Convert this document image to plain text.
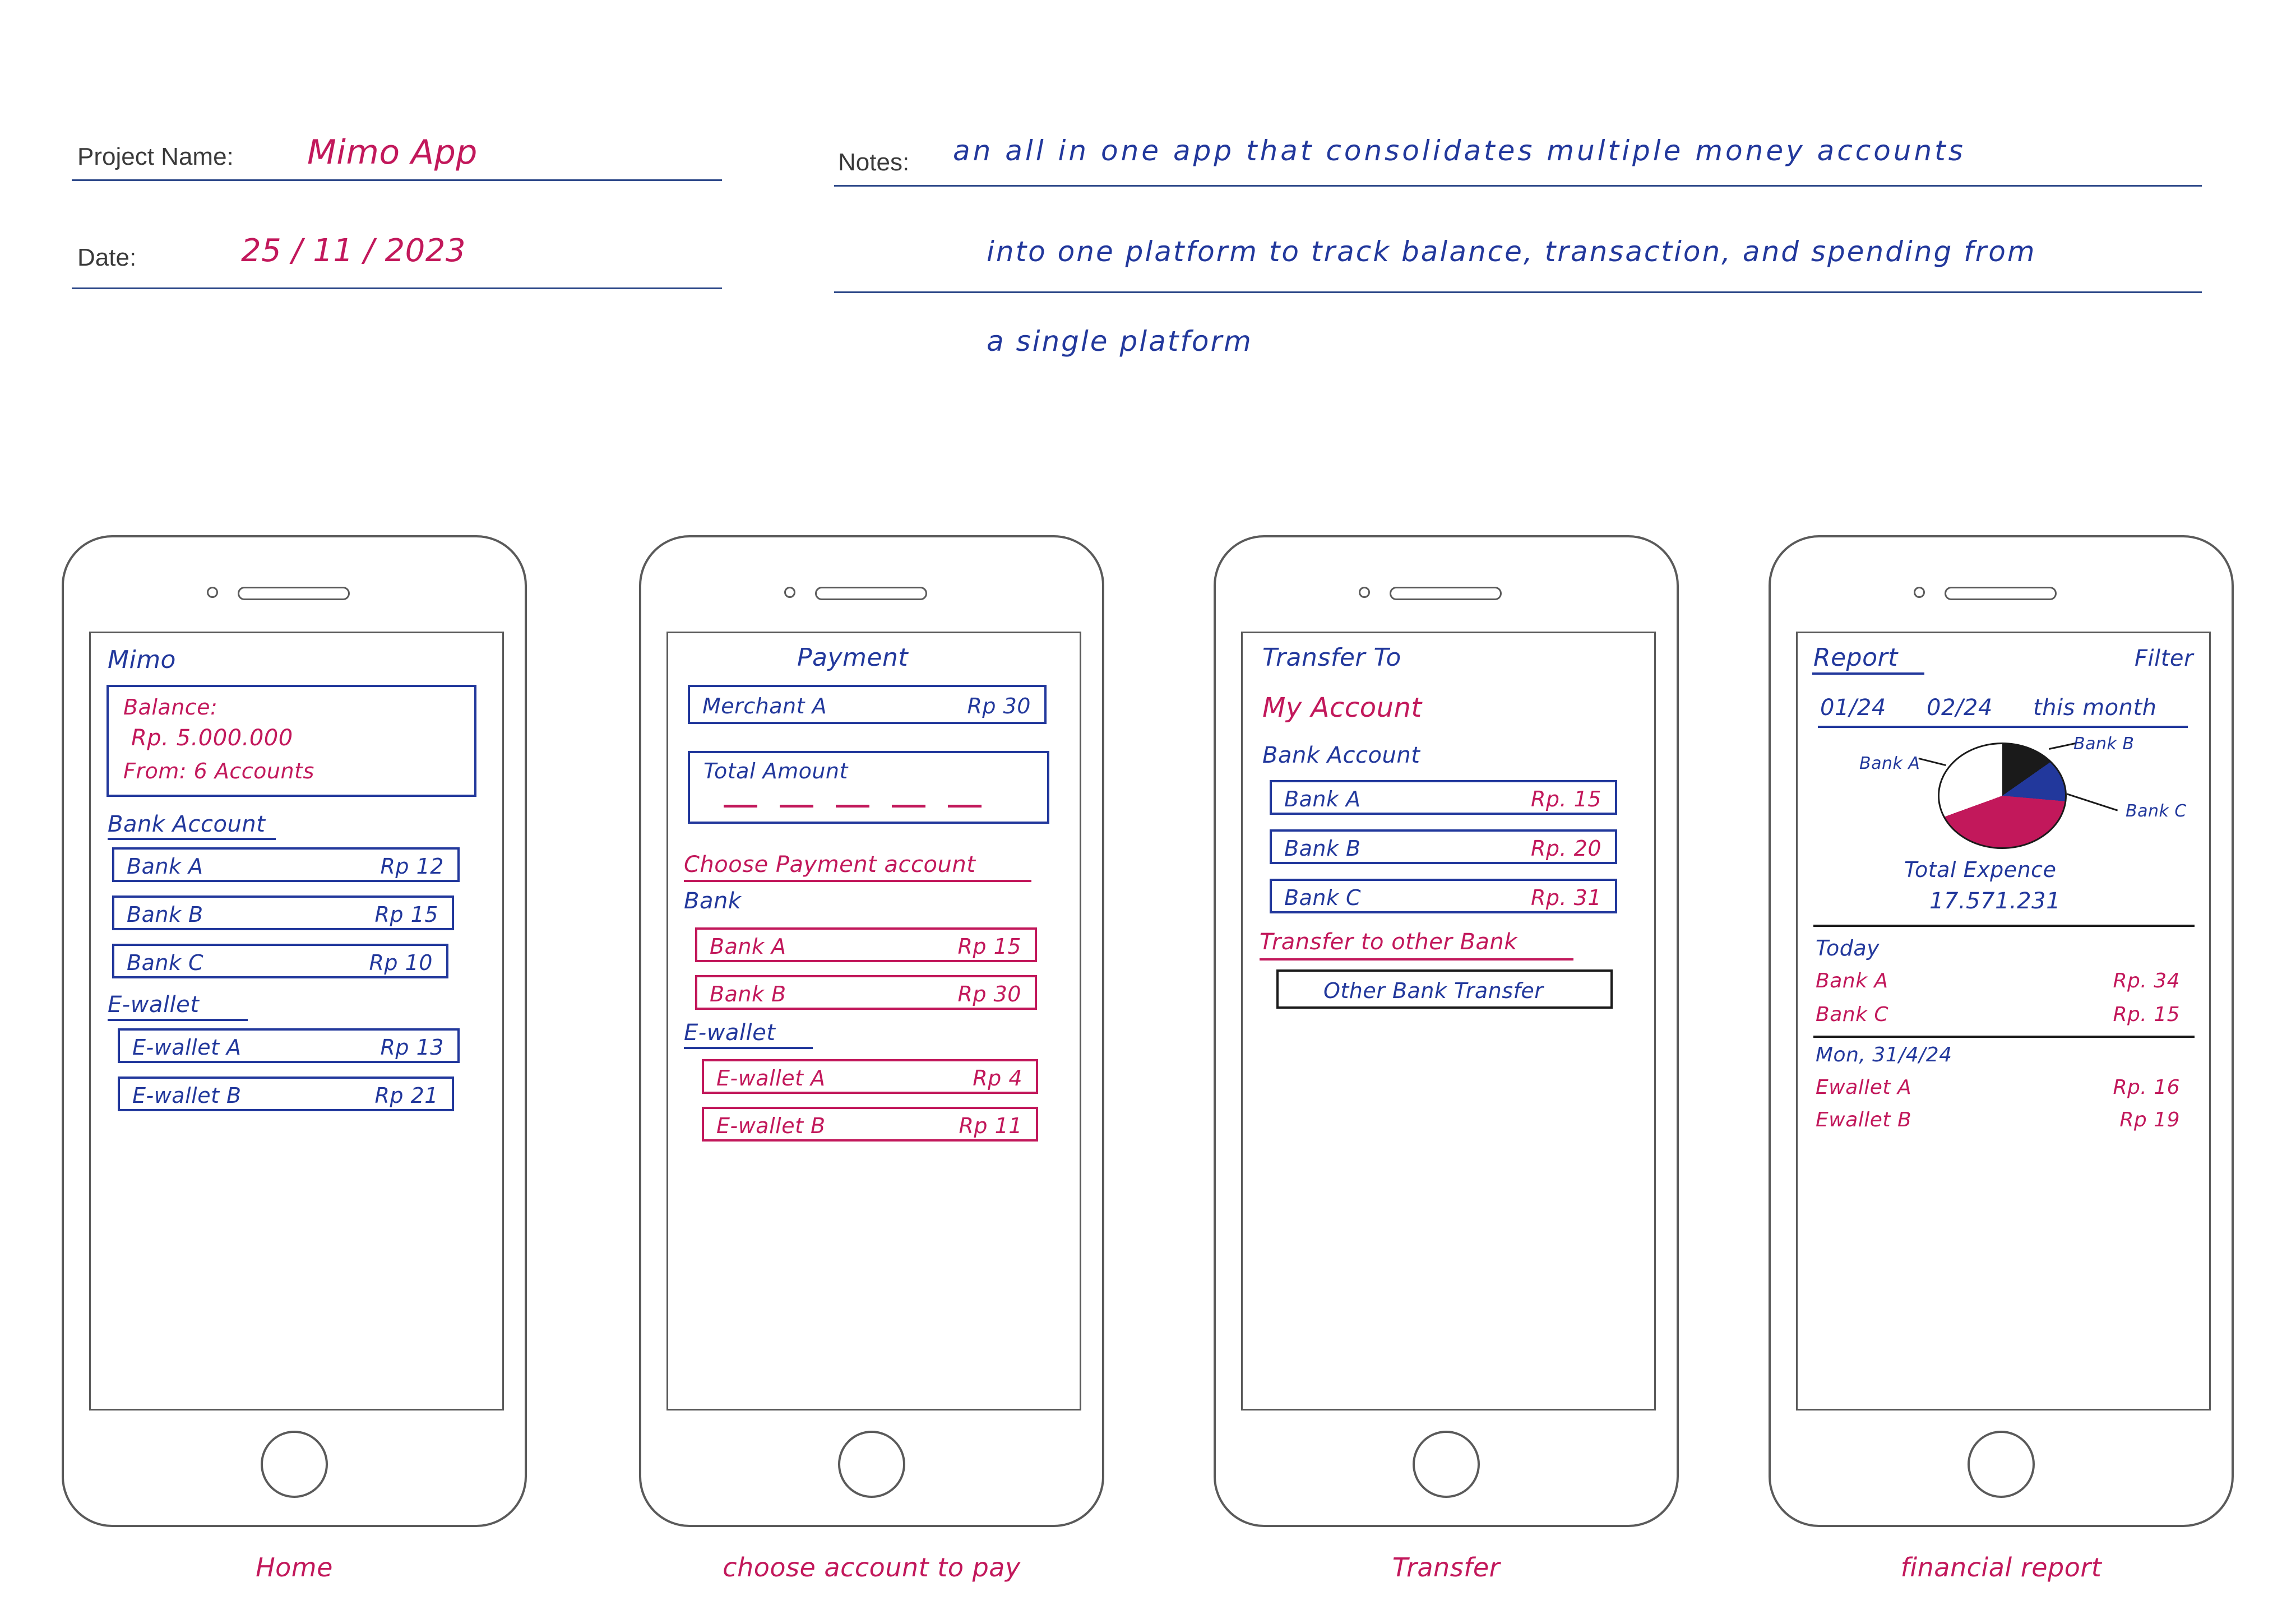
Project Name: Mimo App
Date:	25 / 11 / 2023
Notes: an all in one app that consolidates multiple money accounts
into one platform to track balance, transaction, and spending from
a single platform
Mimo
Balance:
Rp. 5.000.000
From: 6 Accounts
Bank Account
Bank A	Rp 12
Bank B	Rp 15
Bank C	Rp 10
E-wallet
E-wallet A	Rp 13
E-wallet B	Rp 21
Home
Payment
Merchant A	Rp 30
Total Amount
Choose Payment account
Bank
Bank A	Rp 15
Bank B	Rp 30
E-wallet
E-wallet A	Rp 4
E-wallet B	Rp 11
choose account to pay
Transfer To
My Account
Bank Account
Bank A	Rp. 15
Bank B	Rp. 20
Bank C	Rp. 31
Transfer to other Bank
Other Bank Transfer
Transfer
Report	Filter
01/24 02/24 this month
Bank A
Bank B
Bank C
Total Expence
17.571.231
Today
Bank A	Rp. 34
Bank C	Rp. 15
Mon, 31/4/24
Ewallet A	Rp. 16
Ewallet B	Rp 19
financial report
